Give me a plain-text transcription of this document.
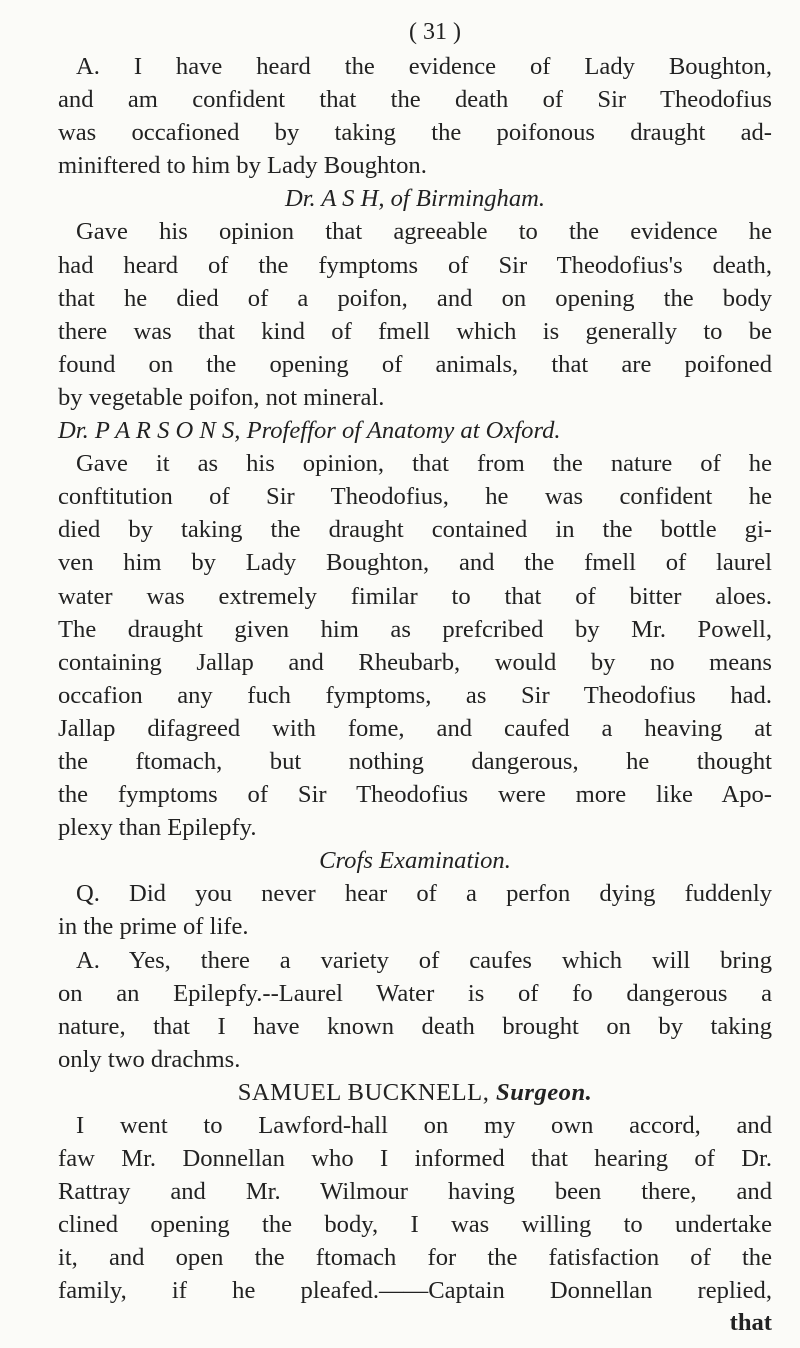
( 31 )
A. I have heard the evidence of Lady Boughton,
and am confident that the death of Sir Theodofius
was occafioned by taking the poifonous draught ad-
miniftered to him by Lady Boughton.
Dr. A S H, of Birmingham.
Gave his opinion that agreeable to the evidence he
had heard of the fymptoms of Sir Theodofius's death,
that he died of a poifon, and on opening the body
there was that kind of fmell which is generally to be
found on the opening of animals, that are poifoned
by vegetable poifon, not mineral.
Dr. P A R S O N S, Profeffor of Anatomy at Oxford.
Gave it as his opinion, that from the nature of he
conftitution of Sir Theodofius, he was confident he
died by taking the draught contained in the bottle gi-
ven him by Lady Boughton, and the fmell of laurel
water was extremely fimilar to that of bitter aloes.
The draught given him as prefcribed by Mr. Powell,
containing Jallap and Rheubarb, would by no means
occafion any fuch fymptoms, as Sir Theodofius had.
Jallap difagreed with fome, and caufed a heaving at
the ftomach, but nothing dangerous, he thought
the fymptoms of Sir Theodofius were more like Apo-
plexy than Epilepfy.
Crofs Examination.
Q. Did you never hear of a perfon dying fuddenly
in the prime of life.
A. Yes, there a variety of caufes which will bring
on an Epilepfy.--Laurel Water is of fo dangerous a
nature, that I have known death brought on by taking
only two drachms.
SAMUEL BUCKNELL, Surgeon.
I went to Lawford-hall on my own accord, and
faw Mr. Donnellan who I informed that hearing of Dr.
Rattray and Mr. Wilmour having been there, and
clined opening the body, I was willing to undertake
it, and open the ftomach for the fatisfaction of the
family, if he pleafed.——Captain Donnellan replied,
that
